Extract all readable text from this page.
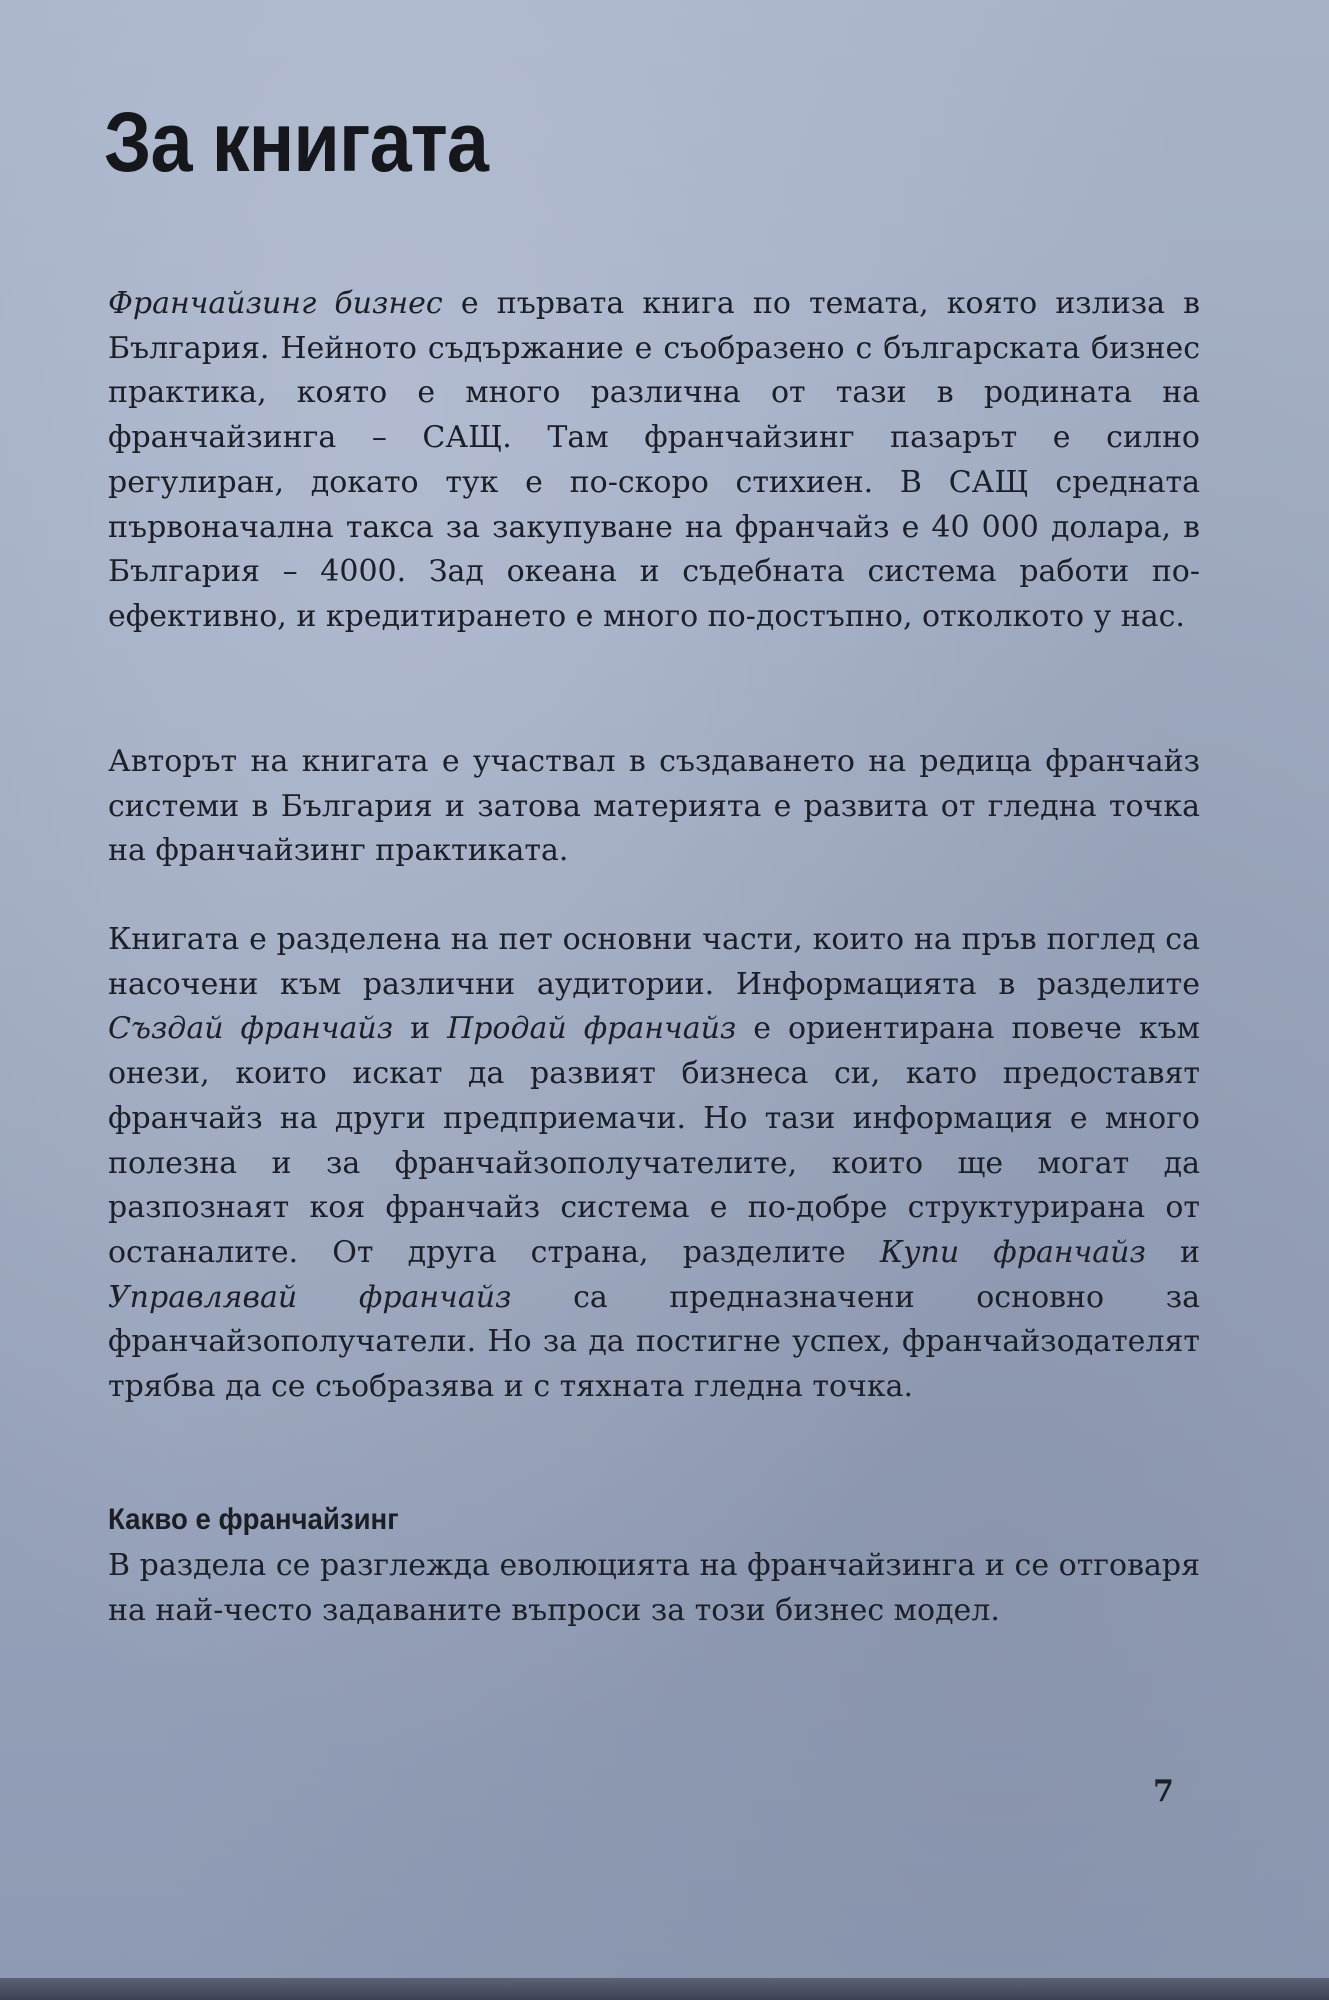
За книгата

Франчайзинг бизнес е първата книга по темата, която излиза в България. Нейното съдържание е съобразено с българската бизнес практика, която е много различна от тази в родината на франчайзинга – САЩ. Там франчайзинг пазарът е силно регулиран, докато тук е по-скоро стихиен. В САЩ средната първоначална такса за закупуване на франчайз е 40 000 долара, в България – 4000. Зад океана и съдебната система работи по-ефективно, и кредитирането е много по-достъпно, отколкото у нас.

Авторът на книгата е участвал в създаването на редица франчайз системи в България и затова материята е развита от гледна точка на франчайзинг практиката.

Книгата е разделена на пет основни части, които на пръв поглед са насочени към различни аудитории. Информацията в разделите Създай франчайз и Продай франчайз е ориентирана повече към онези, които искат да развият бизнеса си, като предоставят франчайз на други предприемачи. Но тази информация е много полезна и за франчайзополучателите, които ще могат да разпознаят коя франчайз система е по-добре структурирана от останалите. От друга страна, разделите Купи франчайз и Управлявай франчайз са предназначени основно за франчайзополучатели. Но за да постигне успех, франчайзодателят трябва да се съобразява и с тяхната гледна точка.

Какво е франчайзинг

В раздела се разглежда еволюцията на франчайзинга и се отговаря на най-често задаваните въпроси за този бизнес модел.

7
